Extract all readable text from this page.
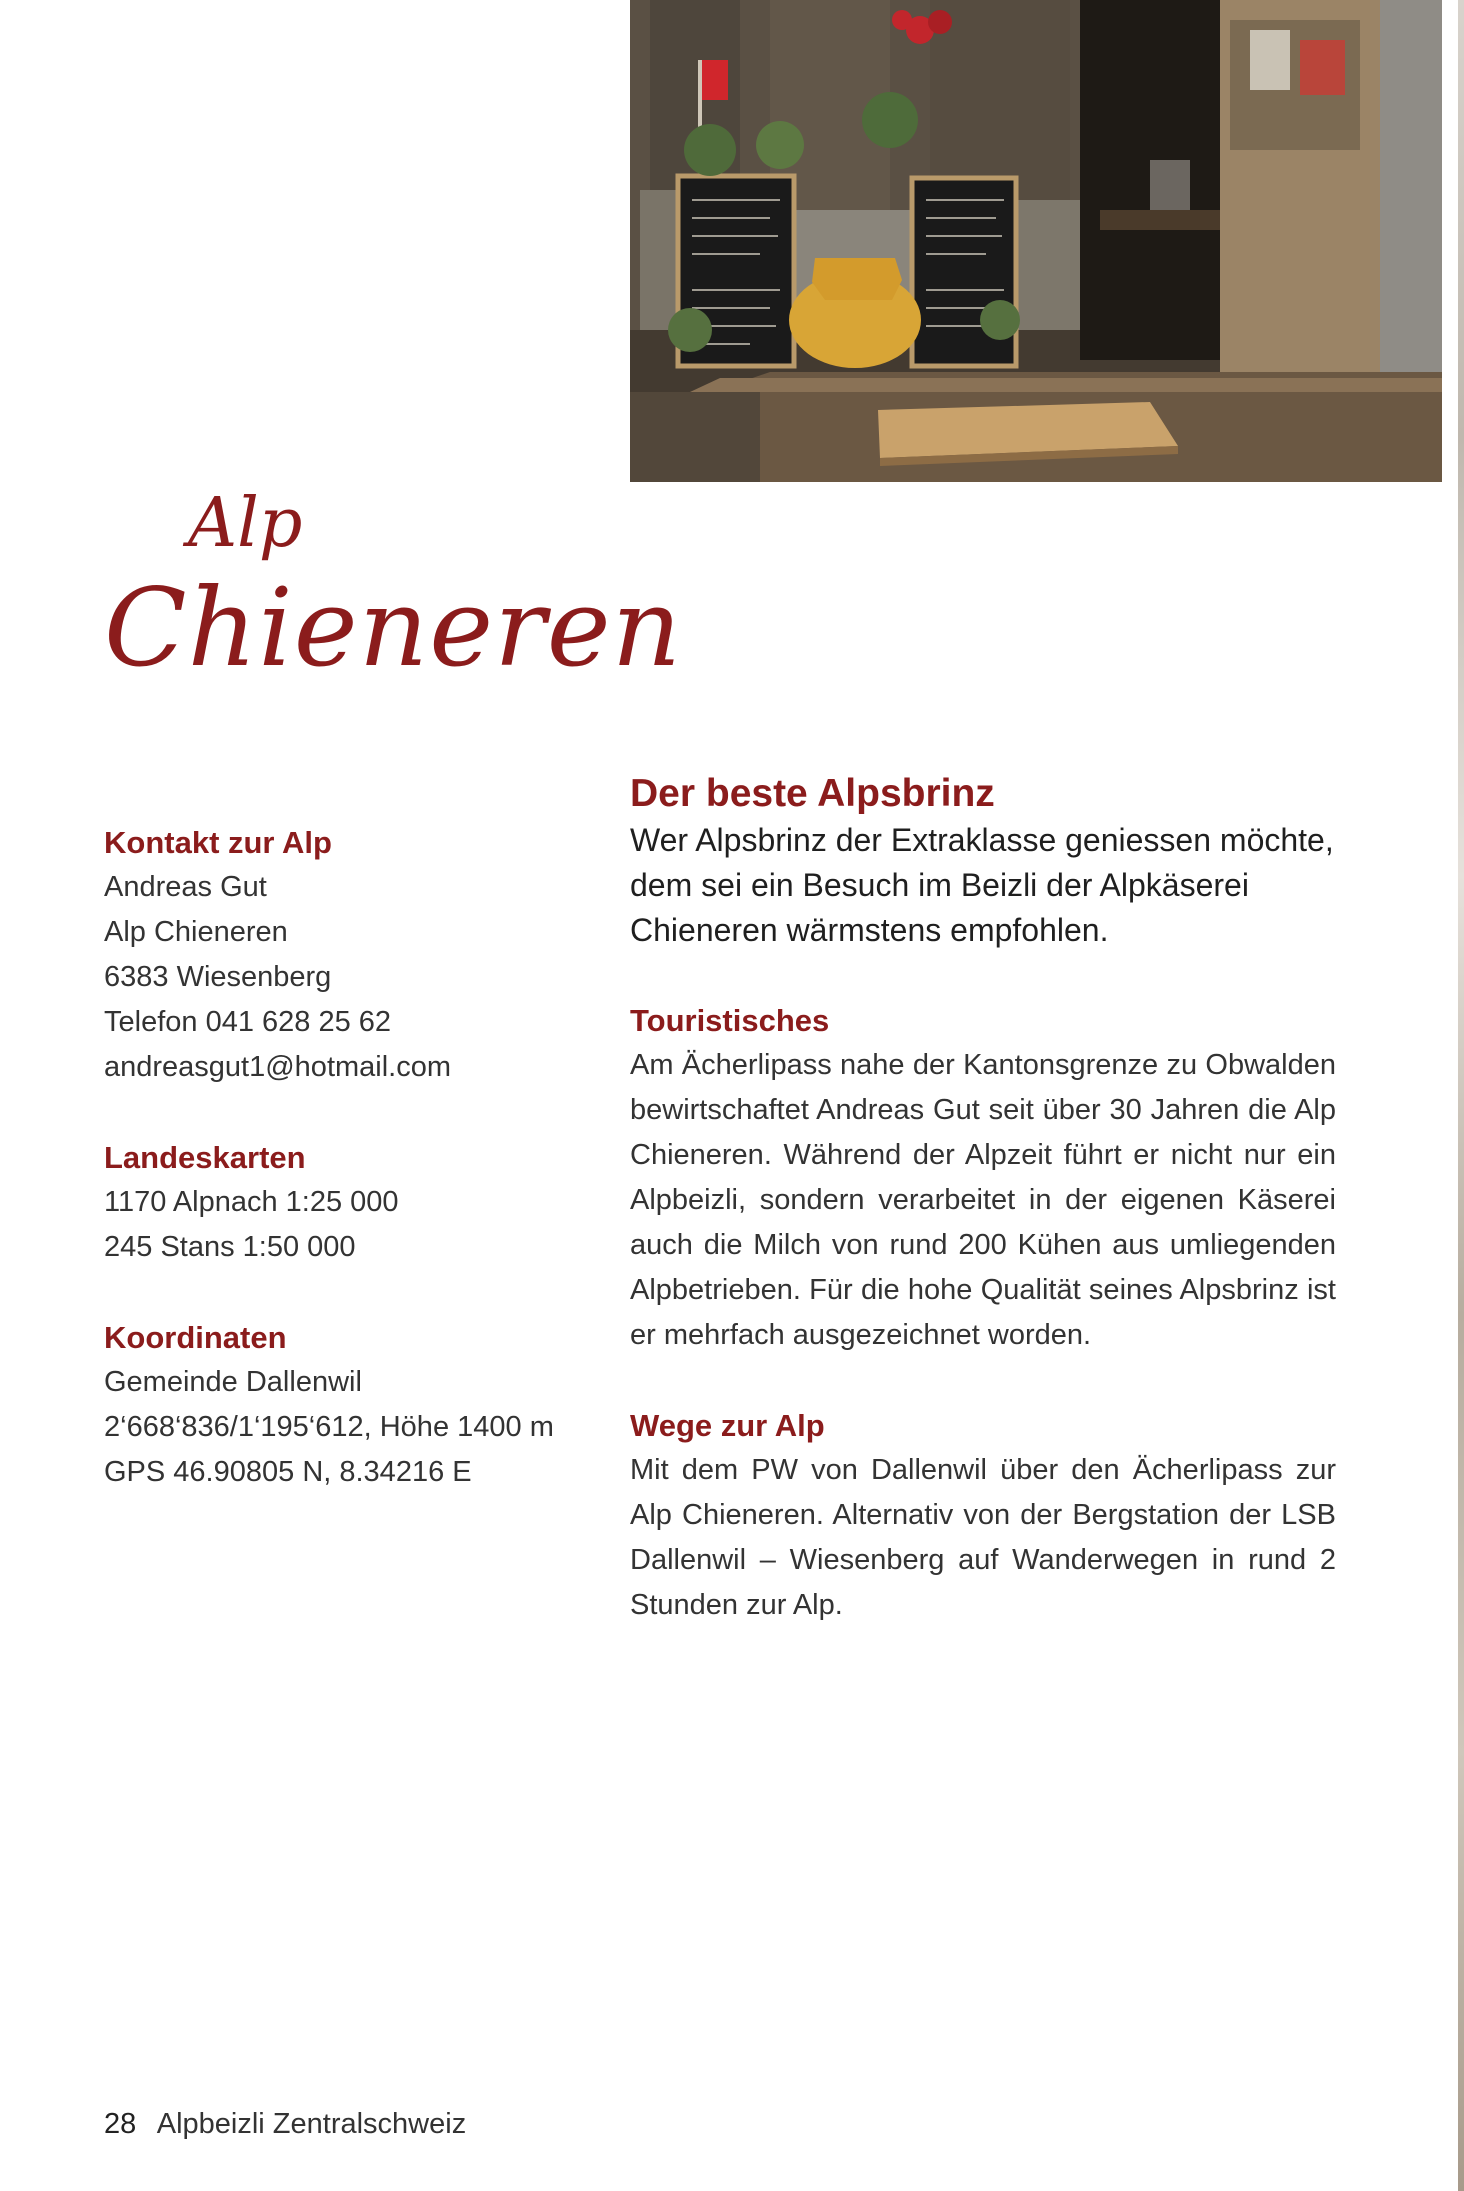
Alp
Chieneren

Kontakt zur Alp

Andreas Gut

Alp Chieneren

6383 Wiesenberg

Telefon 041 628 25 62

andreasgut1@hotmail.com

Landeskarten

1170 Alpnach 1:25 000

245 Stans 1:50 000

Koordinaten

Gemeinde Dallenwil

2‘668‘836/1‘195‘612, Höhe 1400 m

GPS 46.90805 N, 8.34216 E

Der beste Alpsbrinz

Wer Alpsbrinz der Extraklasse geniessen möchte, dem sei ein Besuch im Beizli der Alpkäserei Chieneren wärmstens empfohlen.

Touristisches

Am Ächerlipass nahe der Kantonsgrenze zu Obwalden bewirtschaftet Andreas Gut seit über 30 Jahren die Alp Chieneren. Während der Alpzeit führt er nicht nur ein Alpbeizli, sondern verarbeitet in der eigenen Käserei auch die Milch von rund 200 Kühen aus umliegenden Alpbetrieben. Für die hohe Qualität seines Alpsbrinz ist er mehrfach ausgezeichnet worden.

Wege zur Alp

Mit dem PW von Dallenwil über den Ächerlipass zur Alp Chieneren. Alternativ von der Bergstation der LSB Dallenwil – Wiesenberg auf Wanderwegen in rund 2 Stunden zur Alp.

28 Alpbeizli Zentralschweiz
